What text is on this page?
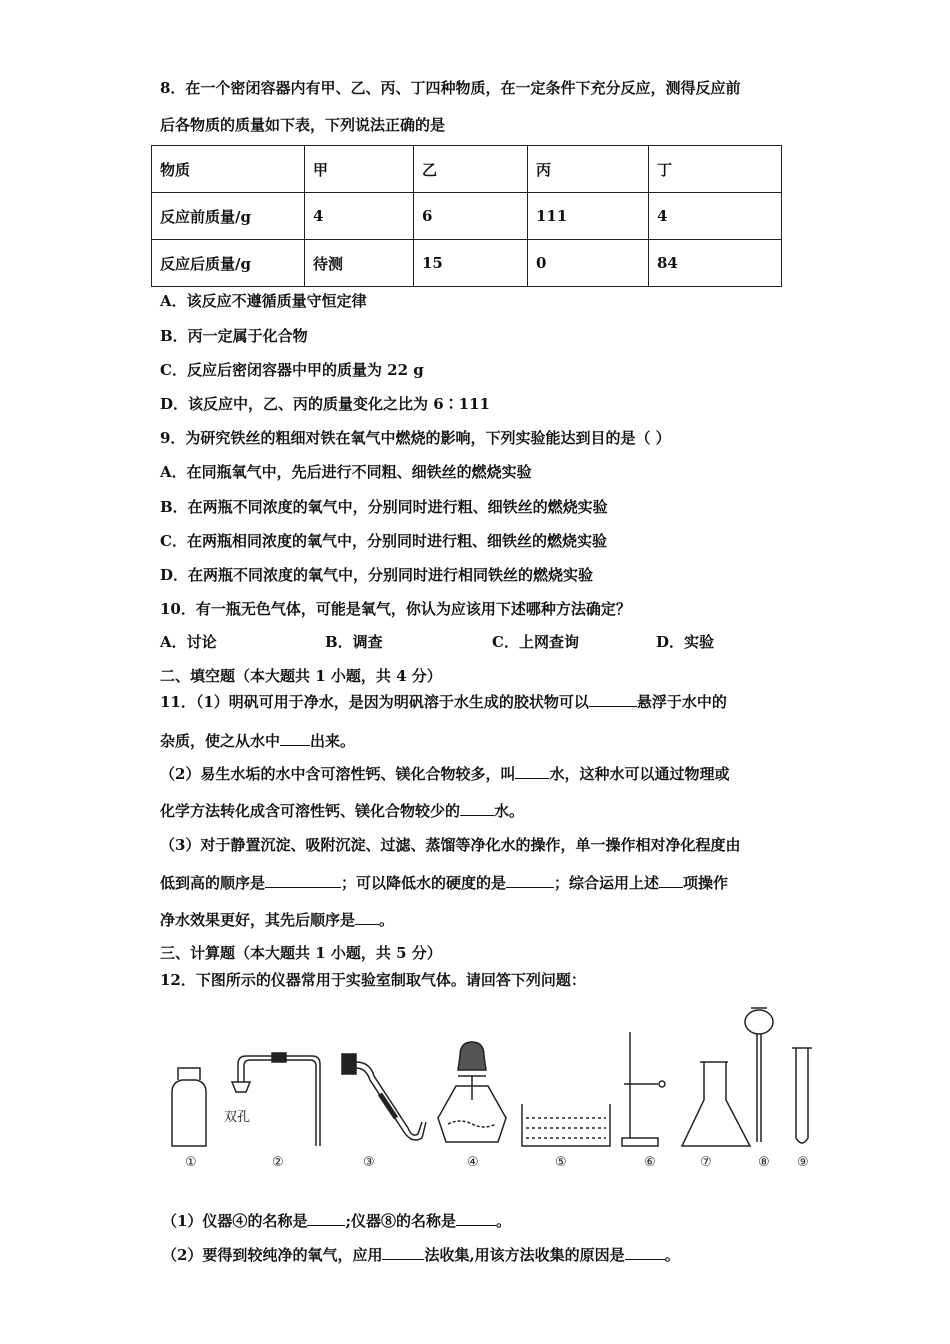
8．在一个密闭容器内有甲、乙、丙、丁四种物质，在一定条件下充分反应，测得反应前
后各物质的质量如下表，下列说法正确的是
物质	甲	乙	丙	丁
反应前质量/g	4	6	111	4
反应后质量/g	待测	15	0	84
A．该反应不遵循质量守恒定律
B．丙一定属于化合物
C．反应后密闭容器中甲的质量为 22 g
D．该反应中，乙、丙的质量变化之比为 6∶111
9．为研究铁丝的粗细对铁在氧气中燃烧的影响，下列实验能达到目的是（ ）
A．在同瓶氧气中，先后进行不同粗、细铁丝的燃烧实验
B．在两瓶不同浓度的氧气中，分别同时进行粗、细铁丝的燃烧实验
C．在两瓶相同浓度的氧气中，分别同时进行粗、细铁丝的燃烧实验
D．在两瓶不同浓度的氧气中，分别同时进行相同铁丝的燃烧实验
10．有一瓶无色气体，可能是氧气，你认为应该用下述哪种方法确定？
A．讨论	B．调查	C．上网查询	D．实验
二、填空题（本大题共 1 小题，共 4 分）
11．（1）明矾可用于净水，是因为明矾溶于水生成的胶状物可以	悬浮于水中的
杂质，使之从水中 出来。
（2）易生水垢的水中含可溶性钙、镁化合物较多，叫 水，这种水可以通过物理或
化学方法转化成含可溶性钙、镁化合物较少的 水。
（3）对于静置沉淀、吸附沉淀、过滤、蒸馏等净化水的操作，单一操作相对净化程度由
低到高的顺序是	；可以降低水的硬度的是	；综合运用上述 项操作
净水效果更好，其先后顺序是 。
三、计算题（本大题共 1 小题，共 5 分）
12．下图所示的仪器常用于实验室制取气体。请回答下列问题：
双孔
①	②	③	④	⑤	⑥	⑦	⑧ ⑨
（1）仪器④的名称是	;仪器⑧的名称是	。
（2）要得到较纯净的氧气，应用	法收集,用该方法收集的原因是	。
